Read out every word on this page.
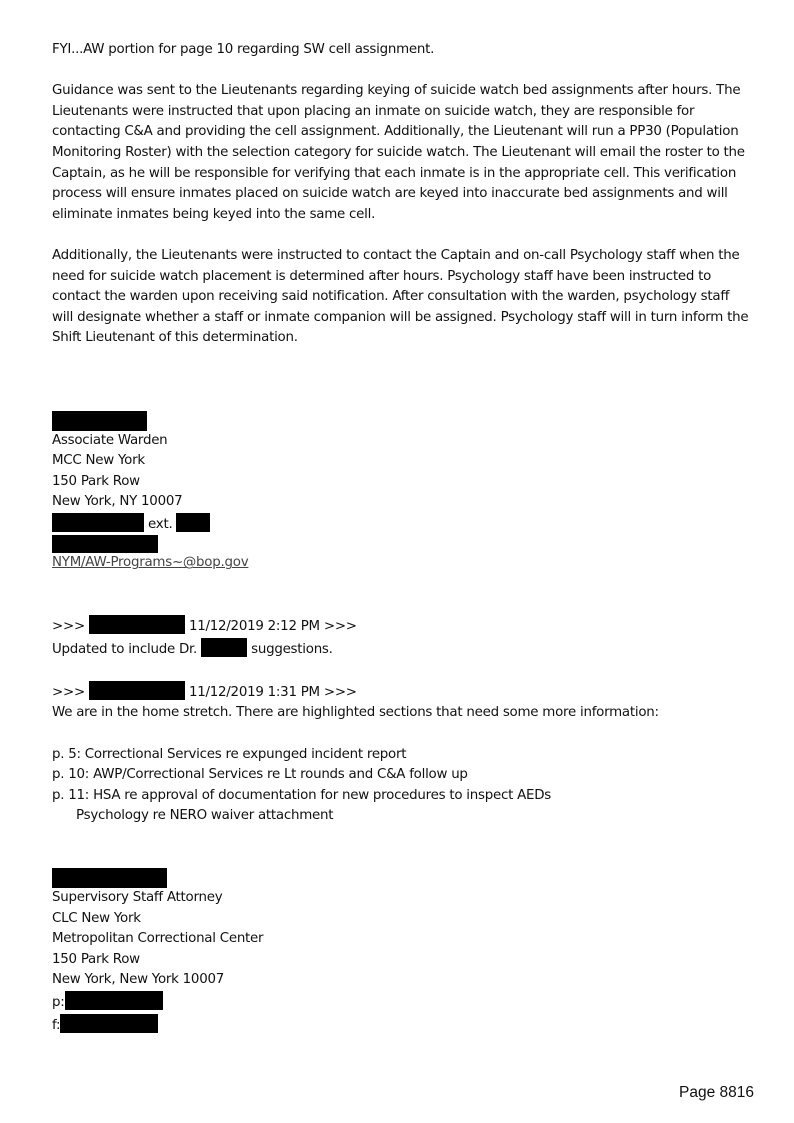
FYI...AW portion for page 10 regarding SW cell assignment.

Guidance was sent to the Lieutenants regarding keying of suicide watch bed assignments after hours. The Lieutenants were instructed that upon placing an inmate on suicide watch, they are responsible for contacting C&A and providing the cell assignment. Additionally, the Lieutenant will run a PP30 (Population Monitoring Roster) with the selection category for suicide watch. The Lieutenant will email the roster to the Captain, as he will be responsible for verifying that each inmate is in the appropriate cell. This verification process will ensure inmates placed on suicide watch are keyed into inaccurate bed assignments and will eliminate inmates being keyed into the same cell.

Additionally, the Lieutenants were instructed to contact the Captain and on-call Psychology staff when the need for suicide watch placement is determined after hours. Psychology staff have been instructed to contact the warden upon receiving said notification. After consultation with the warden, psychology staff will designate whether a staff or inmate companion will be assigned. Psychology staff will in turn inform the Shift Lieutenant of this determination.

Associate Warden

MCC New York

150 Park Row

New York, NY 10007

ext.

NYM/AW-Programs~@bop.gov

>>>	11/12/2019 2:12 PM >>>

Updated to include Dr.	suggestions.

>>>	11/12/2019 1:31 PM >>>

We are in the home stretch. There are highlighted sections that need some more information:

p. 5: Correctional Services re expunged incident report

p. 10: AWP/Correctional Services re Lt rounds and C&A follow up

p. 11: HSA re approval of documentation for new procedures to inspect AEDs

Psychology re NERO waiver attachment

Supervisory Staff Attorney

CLC New York

Metropolitan Correctional Center

150 Park Row

New York, New York 10007

p:

f:

Page 8816
